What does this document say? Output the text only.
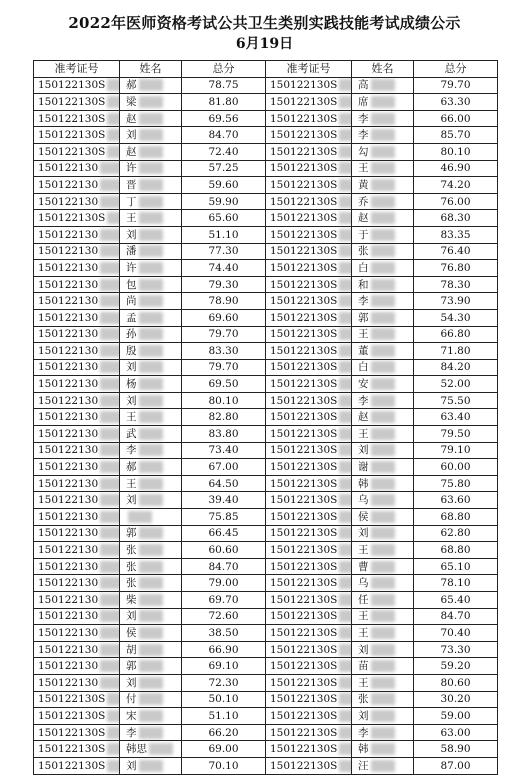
2022年医师资格考试公共卫生类别实践技能考试成绩公示
6月19日
准考证号	姓名	总分	准考证号	姓名	总分
150122130S	郝	78.75	150122130S	高	79.70
150122130S	梁	81.80	150122130S	席	63.30
150122130S	赵	69.56	150122130S	李	66.00
150122130S	刘	84.70	150122130S	李	85.70
150122130S	赵	72.40	150122130S	勾	80.10
150122130	许	57.25	150122130S	王	46.90
150122130	晋	59.60	150122130S	黄	74.20
150122130	丁	59.90	150122130S	乔	76.00
150122130S	王	65.60	150122130S	赵	68.30
150122130	刘	51.10	150122130S	于	83.35
150122130	潘	77.30	150122130S	张	76.40
150122130	许	74.40	150122130S	白	76.80
150122130	包	79.30	150122130S	和	78.30
150122130	尚	78.90	150122130S	李	73.90
150122130	孟	69.60	150122130S	郭	54.30
150122130	孙	79.70	150122130S	王	66.80
150122130	殷	83.30	150122130S	董	71.80
150122130	刘	79.70	150122130S	白	84.20
150122130	杨	69.50	150122130S	安	52.00
150122130	刘	80.10	150122130S	李	75.50
150122130	王	82.80	150122130S	赵	63.40
150122130	武	83.80	150122130S	王	79.50
150122130	李	73.40	150122130S	刘	79.10
150122130	郝	67.00	150122130S	谢	60.00
150122130	王	64.50	150122130S	韩	75.80
150122130	刘	39.40	150122130S	乌	63.60
150122130		75.85	150122130S	侯	68.80
150122130	郭	66.45	150122130S	刘	62.80
150122130	张	60.60	150122130S	王	68.80
150122130	张	84.70	150122130S	曹	65.10
150122130	张	79.00	150122130S	乌	78.10
150122130	柴	69.70	150122130S	任	65.40
150122130	刘	72.60	150122130S	王	84.70
150122130	侯	38.50	150122130S	王	70.40
150122130	胡	66.90	150122130S	刘	73.30
150122130	郭	69.10	150122130S	苗	59.20
150122130	刘	72.30	150122130S	王	80.60
150122130S	付	50.10	150122130S	张	30.20
150122130S	宋	51.10	150122130S	刘	59.00
150122130S	李	66.20	150122130S	李	63.00
150122130S	韩思	69.00	150122130S	韩	58.90
150122130S	刘	70.10	150122130S	汪	87.00
